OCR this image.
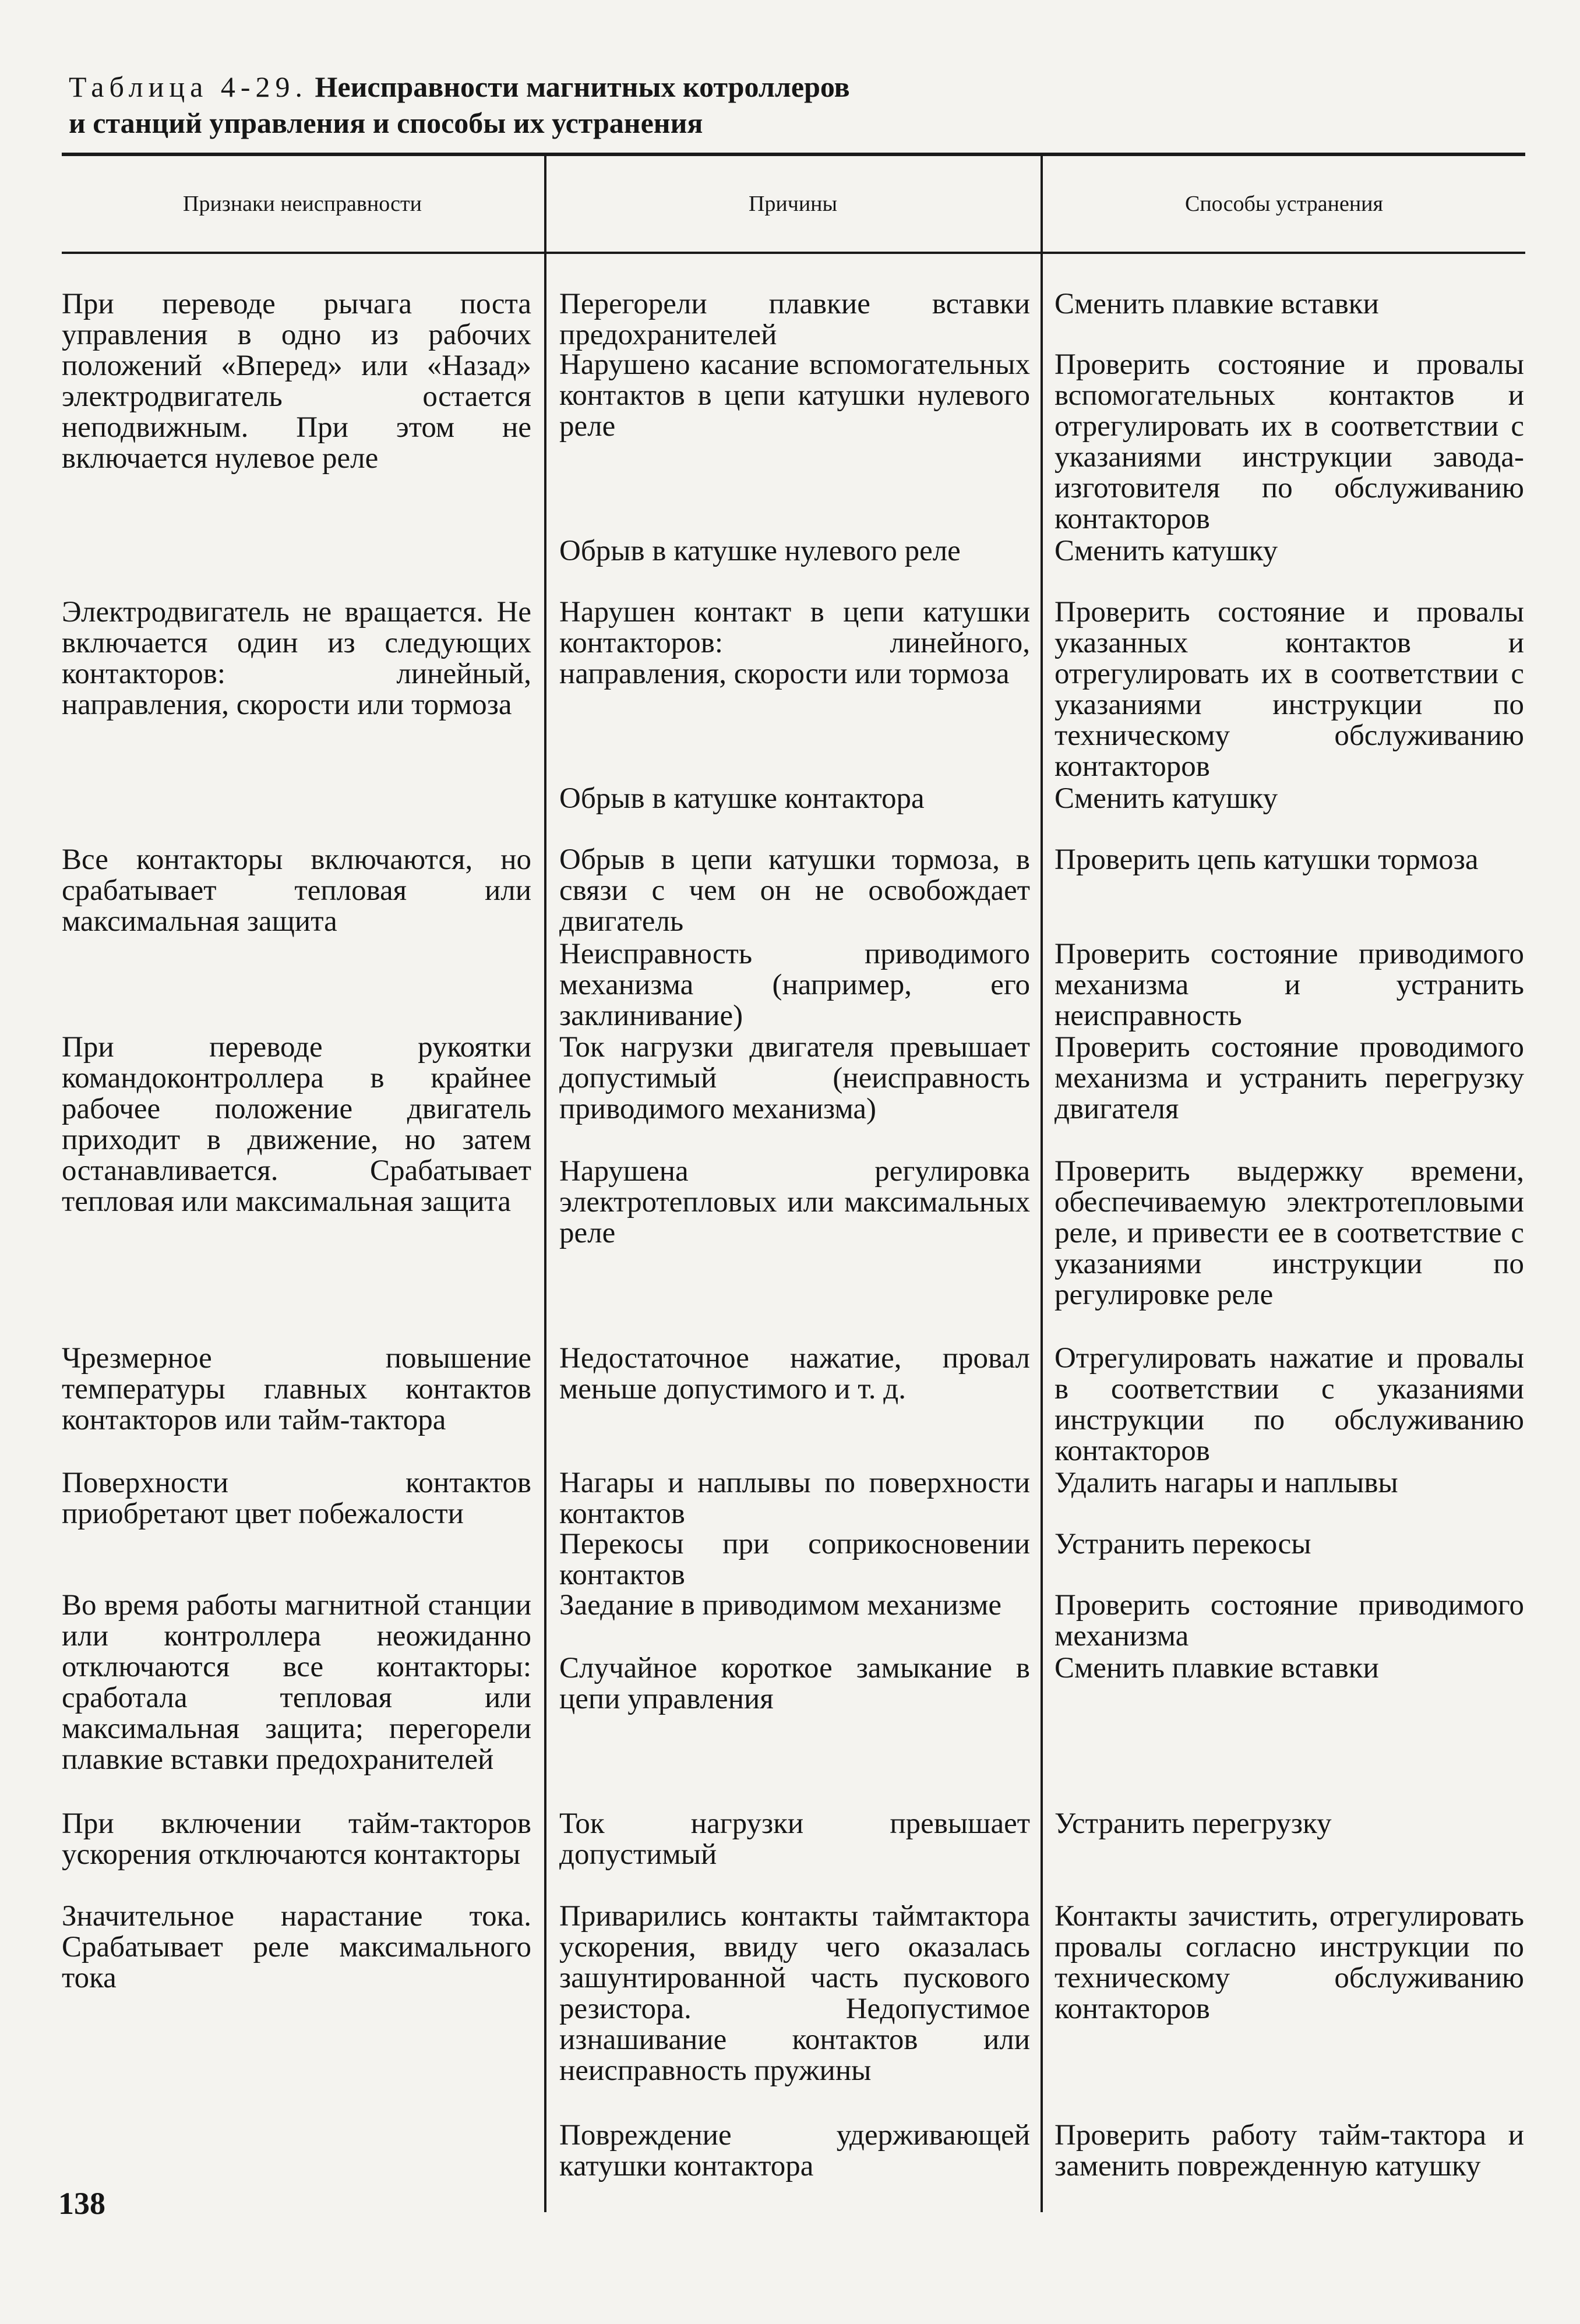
Таблица 4-29. Неисправности магнитных котроллеров
и станций управления и способы их устранения
Признаки неисправности	Причины	Способы устранения

При переводе рычага поста управления в одно из рабочих положений «Вперед» или «Назад» электродвигатель остается неподвижным. При этом не включается нулевое реле

Электродвигатель не вращается. Не включается один из следующих контакторов: линейный, направления, скорости или тормоза

Все контакторы включаются, но срабатывает тепловая или максимальная защита

При переводе рукоятки командоконтроллера в крайнее рабочее положение двигатель приходит в движение, но затем останавливается. Срабатывает тепловая или максимальная защита

Чрезмерное повышение температуры главных контактов контакторов или тайм-тактора

Поверхности контактов приобретают цвет побежалости

Во время работы магнитной станции или контроллера неожиданно отключаются все контакторы: сработала тепловая или максимальная защита; перегорели плавкие вставки предохранителей

При включении тайм-такторов ускорения отключаются контакторы

Значительное нарастание тока. Срабатывает реле максимального тока

Перегорели плавкие вставки предохранителей

Нарушено касание вспомогательных контактов в цепи катушки нулевого реле

Обрыв в катушке нулевого реле

Нарушен контакт в цепи катушки контакторов: линейного, направления, скорости или тормоза

Обрыв в катушке контактора

Обрыв в цепи катушки тормоза, в связи с чем он не освобождает двигатель

Неисправность приводимого механизма (например, его заклинивание)

Ток нагрузки двигателя превышает допустимый (неисправность приводимого механизма)

Нарушена регулировка электротепловых или максимальных реле

Недостаточное нажатие, провал меньше допустимого и т. д.

Нагары и наплывы по поверхности контактов

Перекосы при соприкосновении контактов

Заедание в приводимом механизме

Случайное короткое замыкание в цепи управления

Ток нагрузки превышает допустимый

Приварились контакты таймтактора ускорения, ввиду чего оказалась зашунтированной часть пускового резистора. Недопустимое изнашивание контактов или неисправность пружины

Повреждение удерживающей катушки контактора

Сменить плавкие вставки

Проверить состояние и провалы вспомогательных контактов и отрегулировать их в соответствии с указаниями инструкции завода-изготовителя по обслуживанию контакторов

Сменить катушку

Проверить состояние и провалы указанных контактов и отрегулировать их в соответствии с указаниями инструкции по техническому обслуживанию контакторов

Сменить катушку

Проверить цепь катушки тормоза

Проверить состояние приводимого механизма и устранить неисправность

Проверить состояние проводимого механизма и устранить перегрузку двигателя

Проверить выдержку времени, обеспечиваемую электротепловыми реле, и привести ее в соответствие с указаниями инструкции по регулировке реле

Отрегулировать нажатие и провалы в соответствии с указаниями инструкции по обслуживанию контакторов

Удалить нагары и наплывы

Устранить перекосы

Проверить состояние приводимого механизма

Сменить плавкие вставки

Устранить перегрузку

Контакты зачистить, отрегулировать провалы согласно инструкции по техническому обслуживанию контакторов

Проверить работу тайм-тактора и заменить поврежденную катушку

138
